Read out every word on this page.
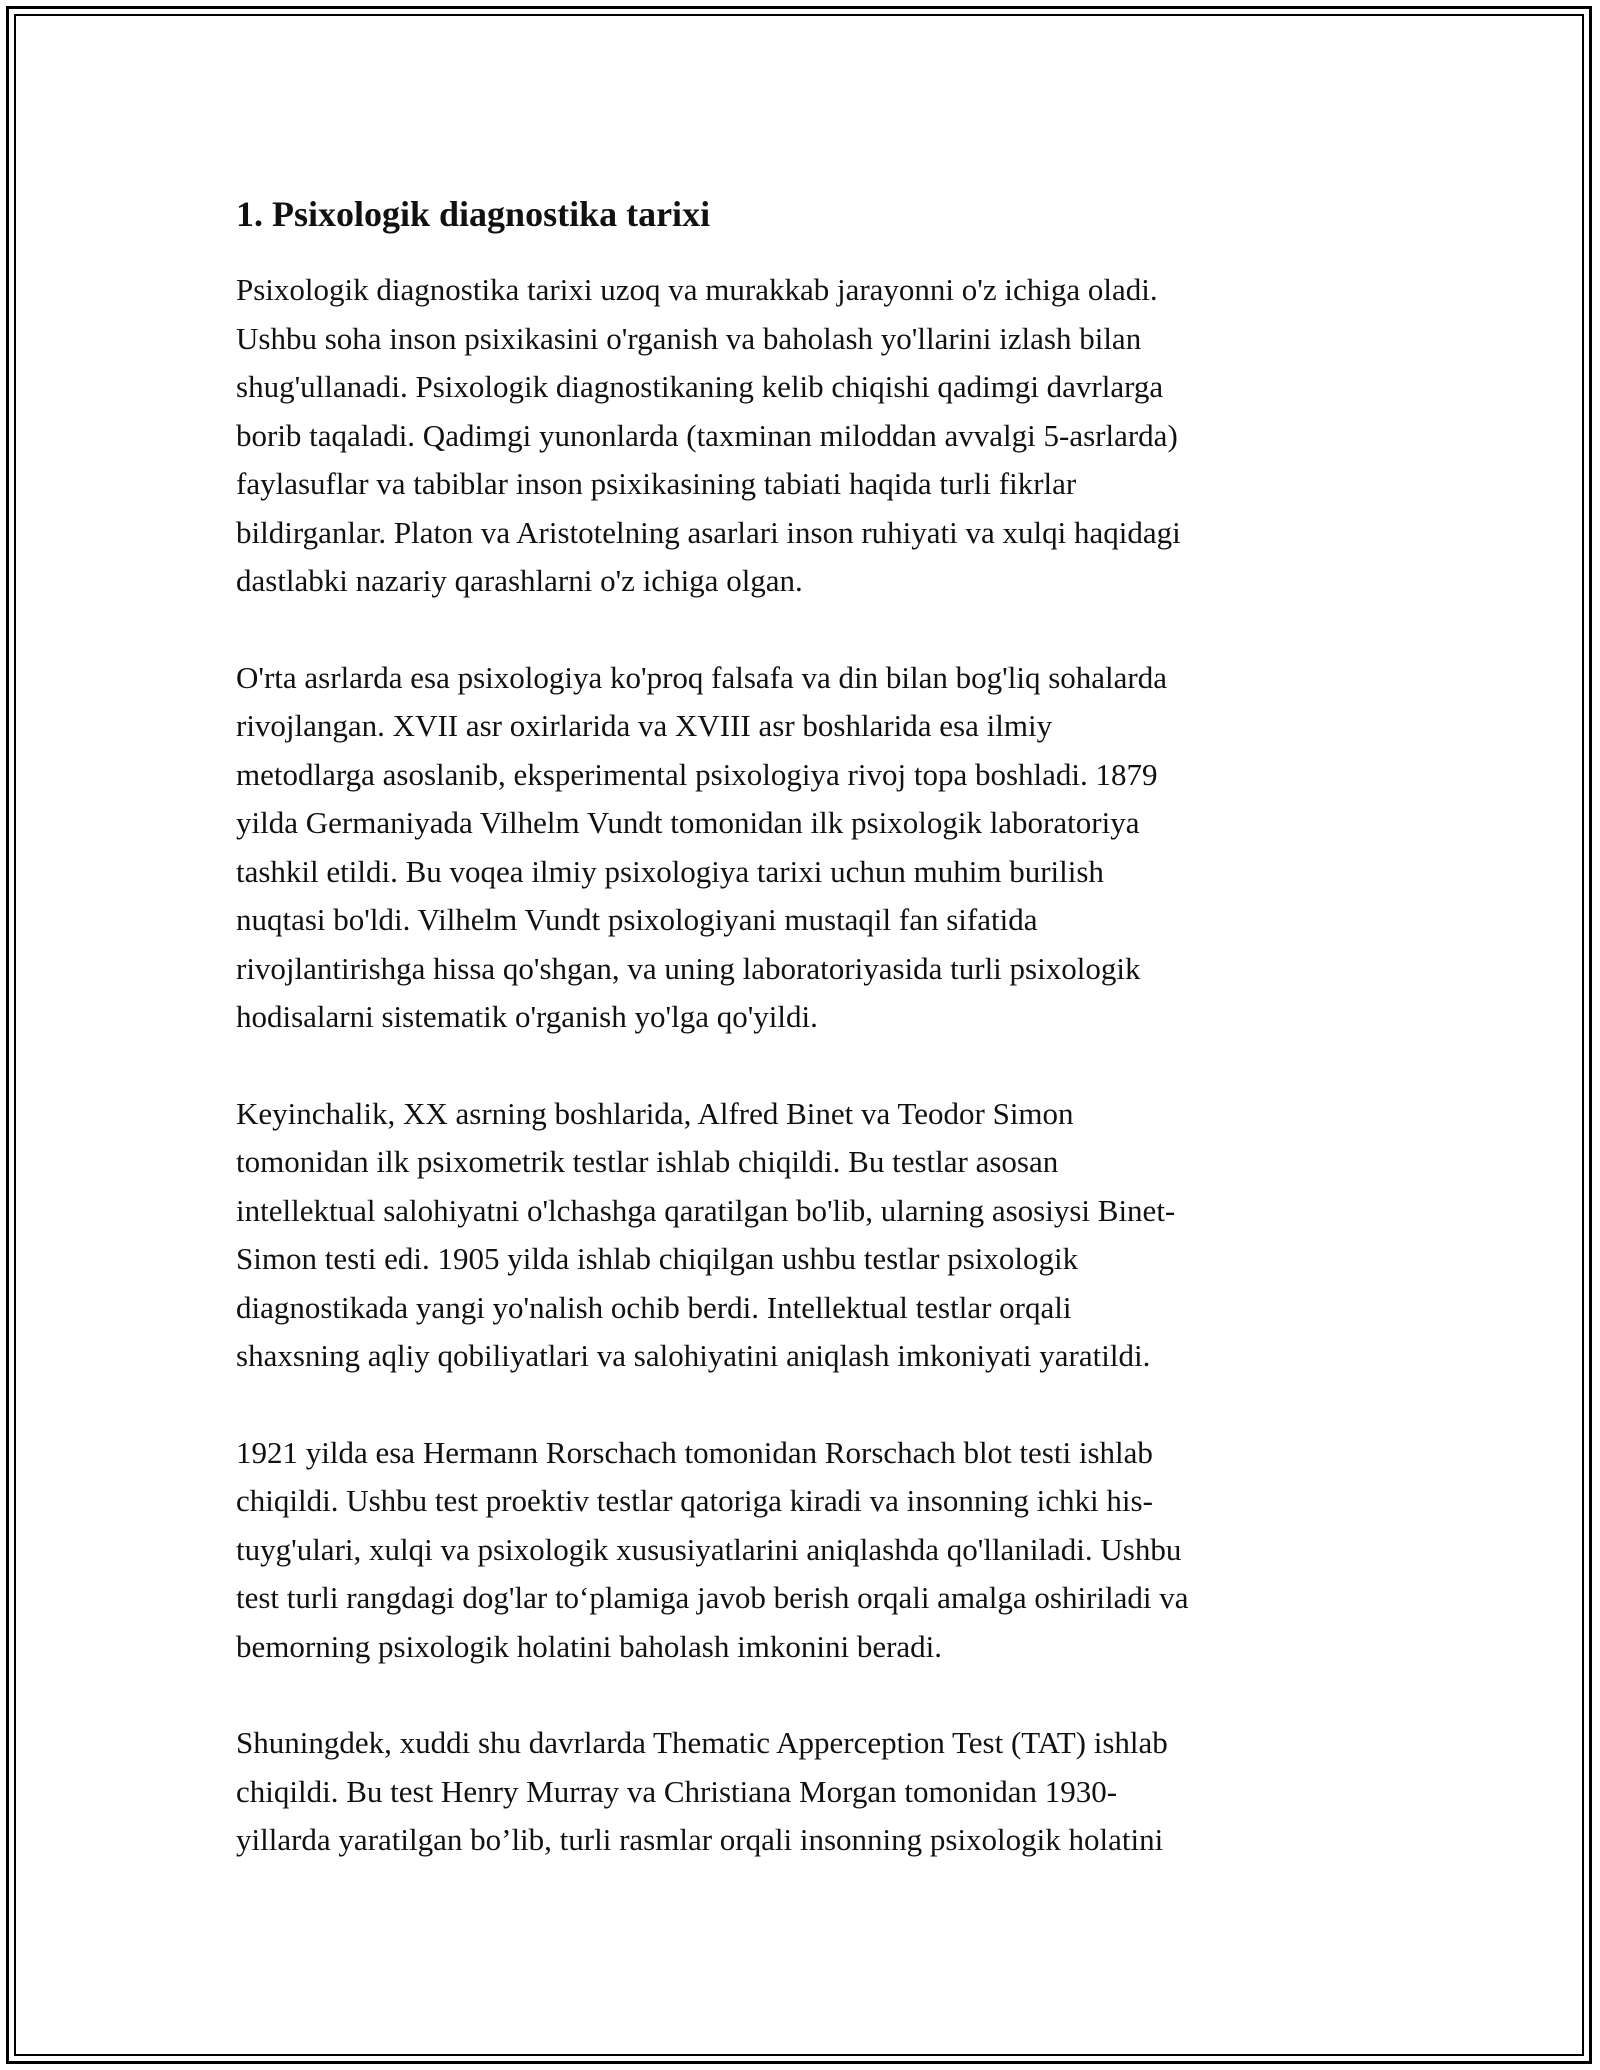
1. Psixologik diagnostika tarixi

Psixologik diagnostika tarixi uzoq va murakkab jarayonni o'z ichiga oladi.
Ushbu soha inson psixikasini o'rganish va baholash yo'llarini izlash bilan
shug'ullanadi. Psixologik diagnostikaning kelib chiqishi qadimgi davrlarga
borib taqaladi. Qadimgi yunonlarda (taxminan miloddan avvalgi 5-asrlarda)
faylasuflar va tabiblar inson psixikasining tabiati haqida turli fikrlar
bildirganlar. Platon va Aristotelning asarlari inson ruhiyati va xulqi haqidagi
dastlabki nazariy qarashlarni o'z ichiga olgan.

O'rta asrlarda esa psixologiya ko'proq falsafa va din bilan bog'liq sohalarda
rivojlangan. XVII asr oxirlarida va XVIII asr boshlarida esa ilmiy
metodlarga asoslanib, eksperimental psixologiya rivoj topa boshladi. 1879
yilda Germaniyada Vilhelm Vundt tomonidan ilk psixologik laboratoriya
tashkil etildi. Bu voqea ilmiy psixologiya tarixi uchun muhim burilish
nuqtasi bo'ldi. Vilhelm Vundt psixologiyani mustaqil fan sifatida
rivojlantirishga hissa qo'shgan, va uning laboratoriyasida turli psixologik
hodisalarni sistematik o'rganish yo'lga qo'yildi.

Keyinchalik, XX asrning boshlarida, Alfred Binet va Teodor Simon
tomonidan ilk psixometrik testlar ishlab chiqildi. Bu testlar asosan
intellektual salohiyatni o'lchashga qaratilgan bo'lib, ularning asosiysi Binet-
Simon testi edi. 1905 yilda ishlab chiqilgan ushbu testlar psixologik
diagnostikada yangi yo'nalish ochib berdi. Intellektual testlar orqali
shaxsning aqliy qobiliyatlari va salohiyatini aniqlash imkoniyati yaratildi.

1921 yilda esa Hermann Rorschach tomonidan Rorschach blot testi ishlab
chiqildi. Ushbu test proektiv testlar qatoriga kiradi va insonning ichki his-
tuyg'ulari, xulqi va psixologik xususiyatlarini aniqlashda qo'llaniladi. Ushbu
test turli rangdagi dog'lar to‘plamiga javob berish orqali amalga oshiriladi va
bemorning psixologik holatini baholash imkonini beradi.

Shuningdek, xuddi shu davrlarda Thematic Apperception Test (TAT) ishlab
chiqildi. Bu test Henry Murray va Christiana Morgan tomonidan 1930-
yillarda yaratilgan bo’lib, turli rasmlar orqali insonning psixologik holatini
